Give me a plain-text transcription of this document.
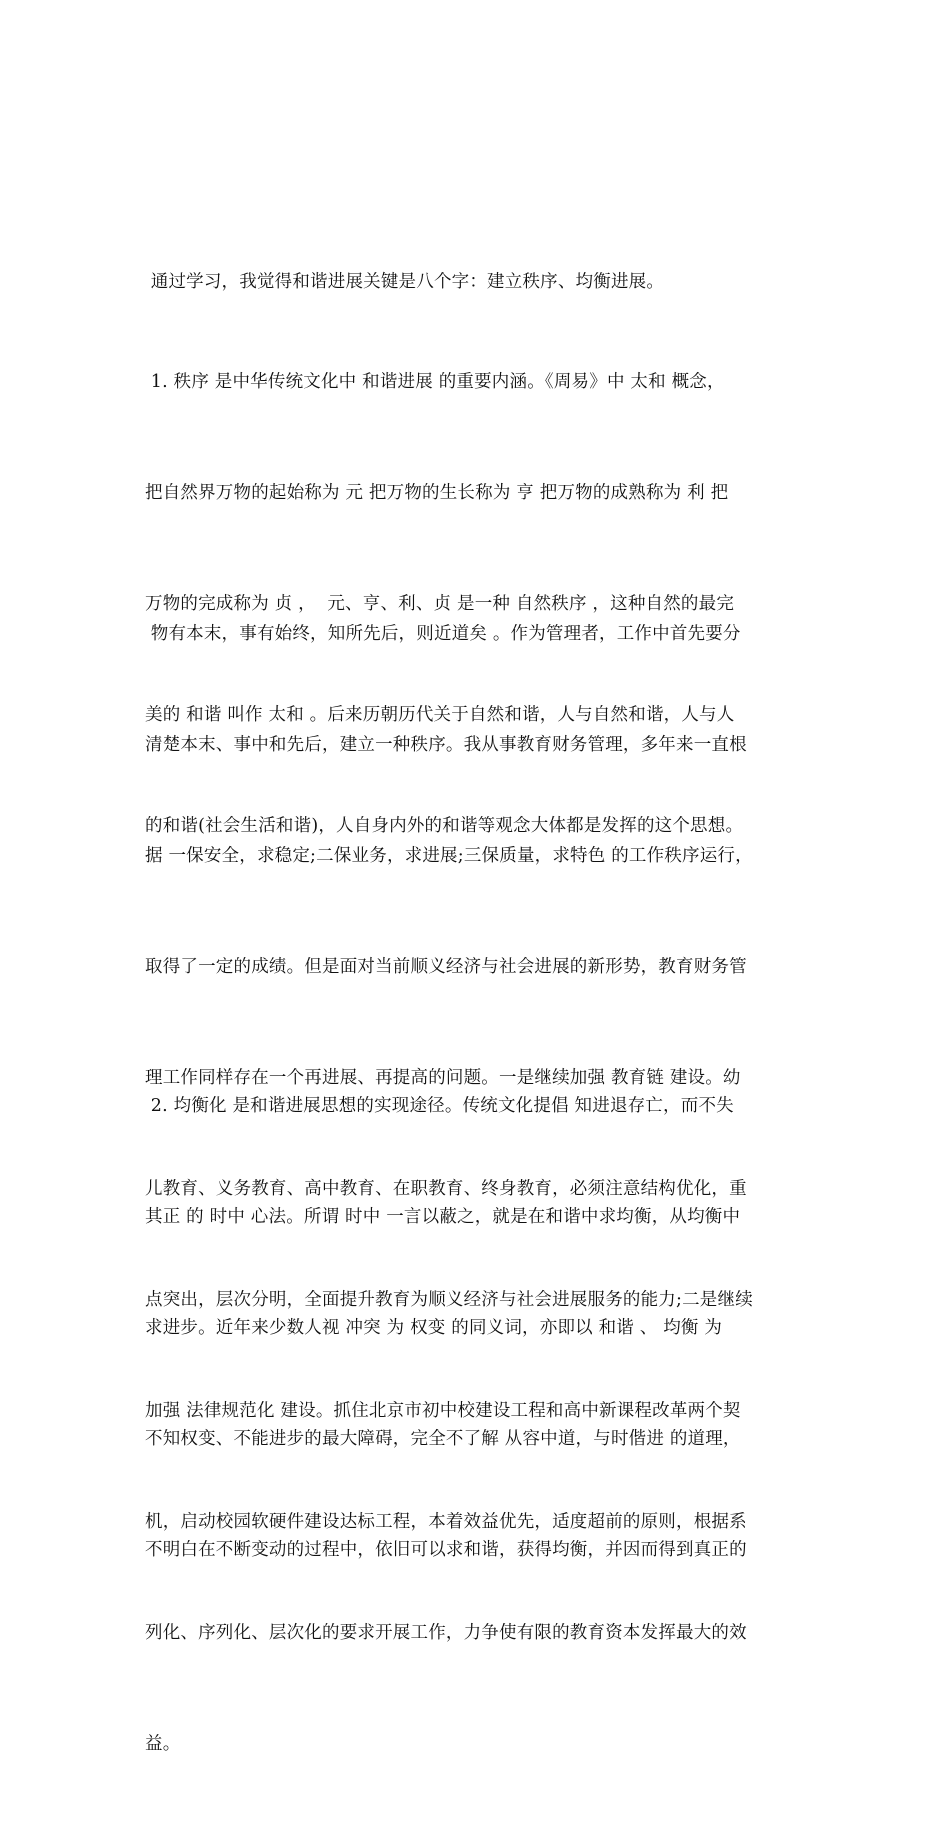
通过学习，我觉得和谐进展关键是八个字：建立秩序、均衡进展。

1. 秩序 是中华传统文化中 和谐进展 的重要内涵。《周易》中 太和 概念，

把自然界万物的起始称为 元 把万物的生长称为 亨 把万物的成熟称为 利 把

万物的完成称为 贞 ，  元、亨、利、贞 是一种 自然秩序 ，这种自然的最完

美的 和谐 叫作 太和 。后来历朝历代关于自然和谐，人与自然和谐，人与人

的和谐(社会生活和谐)，人自身内外的和谐等观念大体都是发挥的这个思想。

物有本末，事有始终，知所先后，则近道矣 。作为管理者，工作中首先要分

清楚本末、事中和先后，建立一种秩序。我从事教育财务管理，多年来一直根

据 一保安全，求稳定;二保业务，求进展;三保质量，求特色 的工作秩序运行，

取得了一定的成绩。但是面对当前顺义经济与社会进展的新形势，教育财务管

理工作同样存在一个再进展、再提高的问题。一是继续加强 教育链 建设。幼

儿教育、义务教育、高中教育、在职教育、终身教育，必须注意结构优化，重

点突出，层次分明，全面提升教育为顺义经济与社会进展服务的能力;二是继续

加强 法律规范化 建设。抓住北京市初中校建设工程和高中新课程改革两个契

机，启动校园软硬件建设达标工程，本着效益优先，适度超前的原则，根据系

列化、序列化、层次化的要求开展工作，力争使有限的教育资本发挥最大的效

益。

2. 均衡化 是和谐进展思想的实现途径。传统文化提倡 知进退存亡，而不失

其正 的 时中 心法。所谓 时中 一言以蔽之，就是在和谐中求均衡，从均衡中

求进步。近年来少数人视 冲突 为 权变 的同义词，亦即以 和谐 、 均衡 为

不知权变、不能进步的最大障碍，完全不了解 从容中道，与时偕进 的道理，

不明白在不断变动的过程中，依旧可以求和谐，获得均衡，并因而得到真正的
